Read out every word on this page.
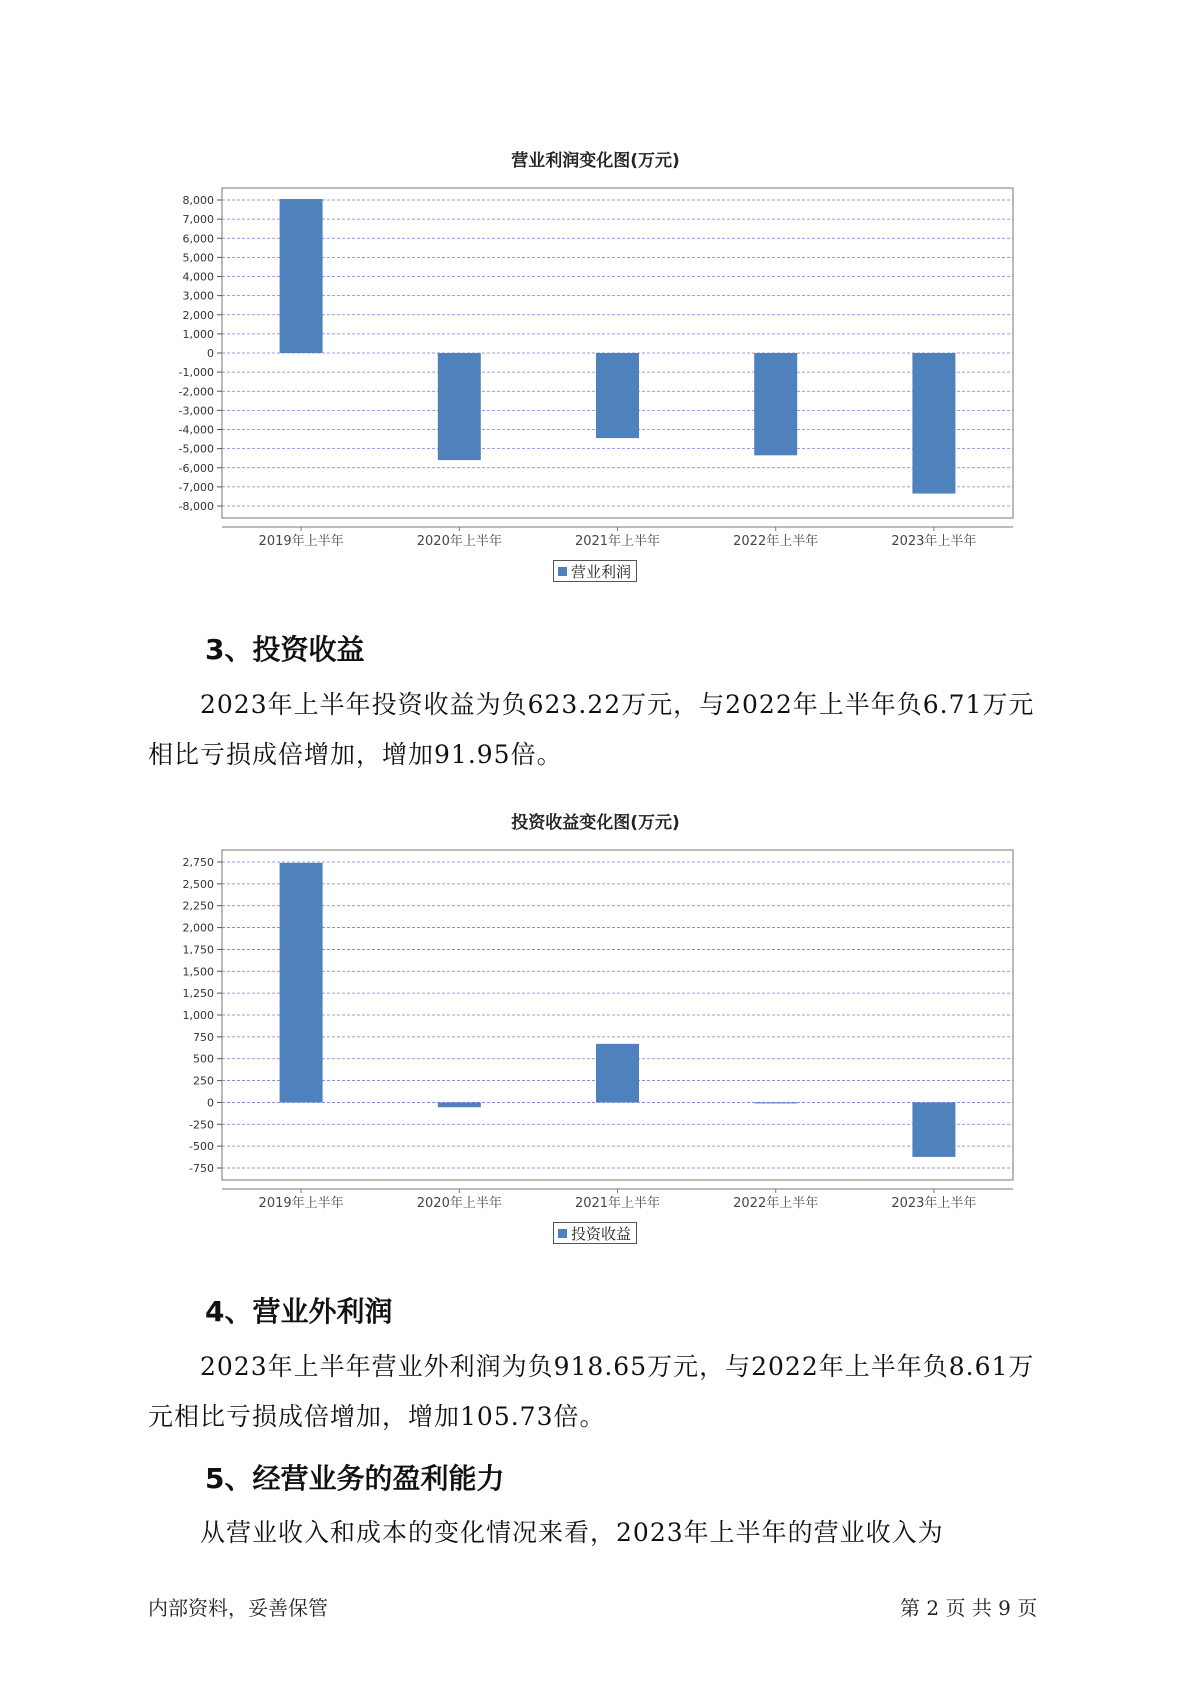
营业利润变化图(万元)
8,000
7,000
6,000
5,000
4,000
3,000
2,000
1,000
0
-1,000
-2,000
-3,000
-4,000
-5,000
-6,000
-7,000
-8,000
2019年上半年	2020年上半年	2021年上半年	2022年上半年	2023年上半年
营业利润
3、投资收益
2023年上半年投资收益为负623.22万元，与2022年上半年负6.71万元
相比亏损成倍增加，增加91.95倍。
投资收益变化图(万元)
2,750
2,500
2,250
2,000
1,750
1,500
1,250
1,000
750
500
250
0
-250
-500
-750
2019年上半年	2020年上半年	2021年上半年	2022年上半年	2023年上半年
投资收益
4、营业外利润
2023年上半年营业外利润为负918.65万元，与2022年上半年负8.61万
元相比亏损成倍增加，增加105.73倍。
5、经营业务的盈利能力
从营业收入和成本的变化情况来看，2023年上半年的营业收入为
内部资料，妥善保管	第 2 页 共 9 页
